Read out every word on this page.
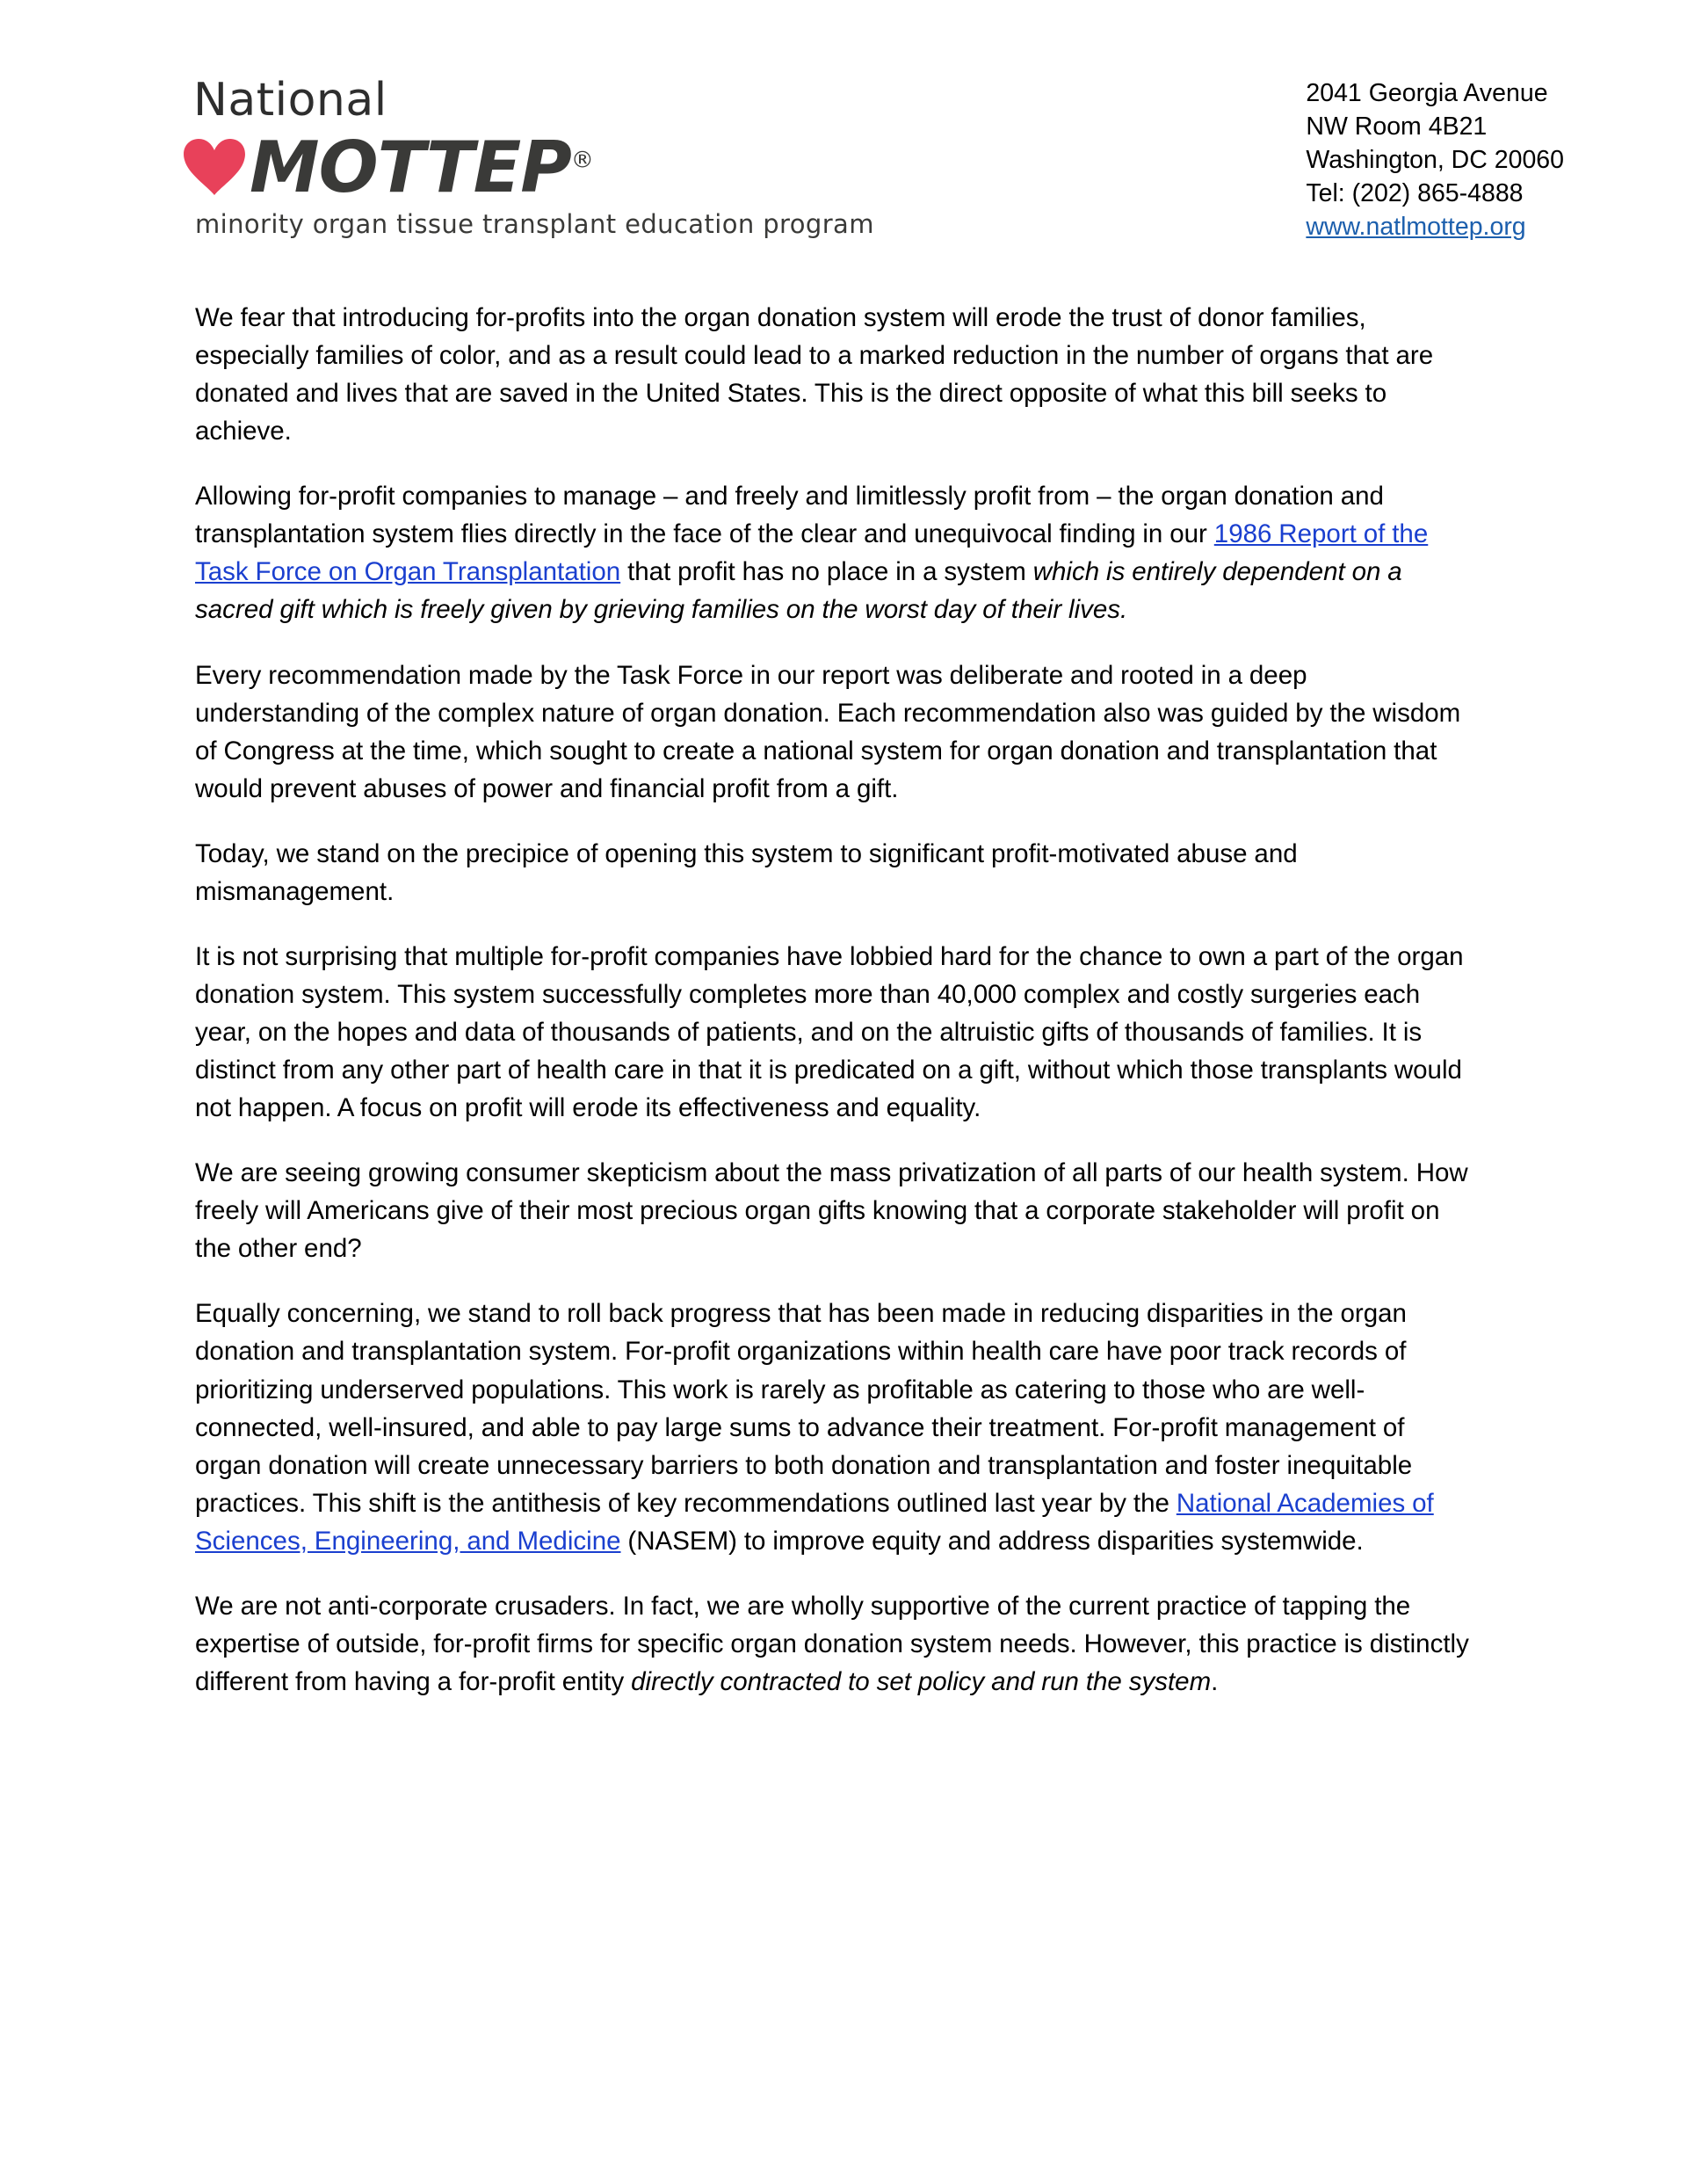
National
MOTTEP®
minority organ tissue transplant education program
2041 Georgia Avenue
NW Room 4B21
Washington, DC 20060
Tel: (202) 865-4888
www.natlmottep.org

We fear that introducing for-profits into the organ donation system will erode the trust of donor families, especially families of color, and as a result could lead to a marked reduction in the number of organs that are donated and lives that are saved in the United States. This is the direct opposite of what this bill seeks to achieve.

Allowing for-profit companies to manage – and freely and limitlessly profit from – the organ donation and transplantation system flies directly in the face of the clear and unequivocal finding in our 1986 Report of the Task Force on Organ Transplantation that profit has no place in a system which is entirely dependent on a sacred gift which is freely given by grieving families on the worst day of their lives.

Every recommendation made by the Task Force in our report was deliberate and rooted in a deep understanding of the complex nature of organ donation. Each recommendation also was guided by the wisdom of Congress at the time, which sought to create a national system for organ donation and transplantation that would prevent abuses of power and financial profit from a gift.

Today, we stand on the precipice of opening this system to significant profit-motivated abuse and mismanagement.

It is not surprising that multiple for-profit companies have lobbied hard for the chance to own a part of the organ donation system. This system successfully completes more than 40,000 complex and costly surgeries each year, on the hopes and data of thousands of patients, and on the altruistic gifts of thousands of families. It is distinct from any other part of health care in that it is predicated on a gift, without which those transplants would not happen. A focus on profit will erode its effectiveness and equality.

We are seeing growing consumer skepticism about the mass privatization of all parts of our health system. How freely will Americans give of their most precious organ gifts knowing that a corporate stakeholder will profit on the other end?

Equally concerning, we stand to roll back progress that has been made in reducing disparities in the organ donation and transplantation system. For-profit organizations within health care have poor track records of prioritizing underserved populations. This work is rarely as profitable as catering to those who are well-connected, well-insured, and able to pay large sums to advance their treatment. For-profit management of organ donation will create unnecessary barriers to both donation and transplantation and foster inequitable practices. This shift is the antithesis of key recommendations outlined last year by the National Academies of Sciences, Engineering, and Medicine (NASEM) to improve equity and address disparities systemwide.

We are not anti-corporate crusaders. In fact, we are wholly supportive of the current practice of tapping the expertise of outside, for-profit firms for specific organ donation system needs. However, this practice is distinctly different from having a for-profit entity directly contracted to set policy and run the system.
